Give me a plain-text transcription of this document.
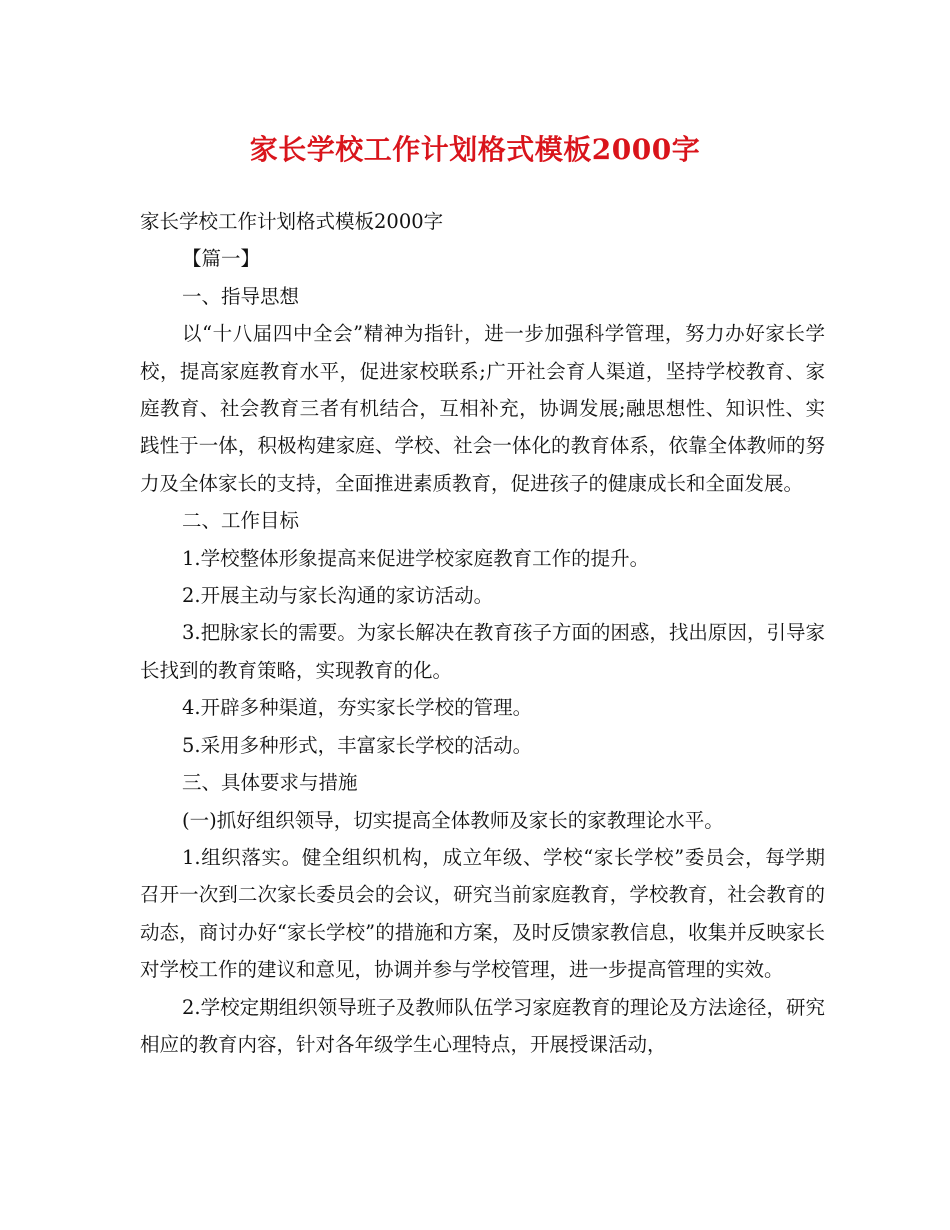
家长学校工作计划格式模板2000字

家长学校工作计划格式模板2000字

【篇一】

一、指导思想

以“十八届四中全会”精神为指针，进一步加强科学管理，努力办好家长学校，提高家庭教育水平，促进家校联系;广开社会育人渠道，坚持学校教育、家庭教育、社会教育三者有机结合，互相补充，协调发展;融思想性、知识性、实践性于一体，积极构建家庭、学校、社会一体化的教育体系，依靠全体教师的努力及全体家长的支持，全面推进素质教育，促进孩子的健康成长和全面发展。

二、工作目标

1.学校整体形象提高来促进学校家庭教育工作的提升。

2.开展主动与家长沟通的家访活动。

3.把脉家长的需要。为家长解决在教育孩子方面的困惑，找出原因，引导家长找到的教育策略，实现教育的化。

4.开辟多种渠道，夯实家长学校的管理。

5.采用多种形式，丰富家长学校的活动。

三、具体要求与措施

(一)抓好组织领导，切实提高全体教师及家长的家教理论水平。

1.组织落实。健全组织机构，成立年级、学校“家长学校”委员会，每学期召开一次到二次家长委员会的会议，研究当前家庭教育，学校教育，社会教育的动态，商讨办好“家长学校”的措施和方案，及时反馈家教信息，收集并反映家长对学校工作的建议和意见，协调并参与学校管理，进一步提高管理的实效。

2.学校定期组织领导班子及教师队伍学习家庭教育的理论及方法途径，研究相应的教育内容，针对各年级学生心理特点，开展授课活动，
